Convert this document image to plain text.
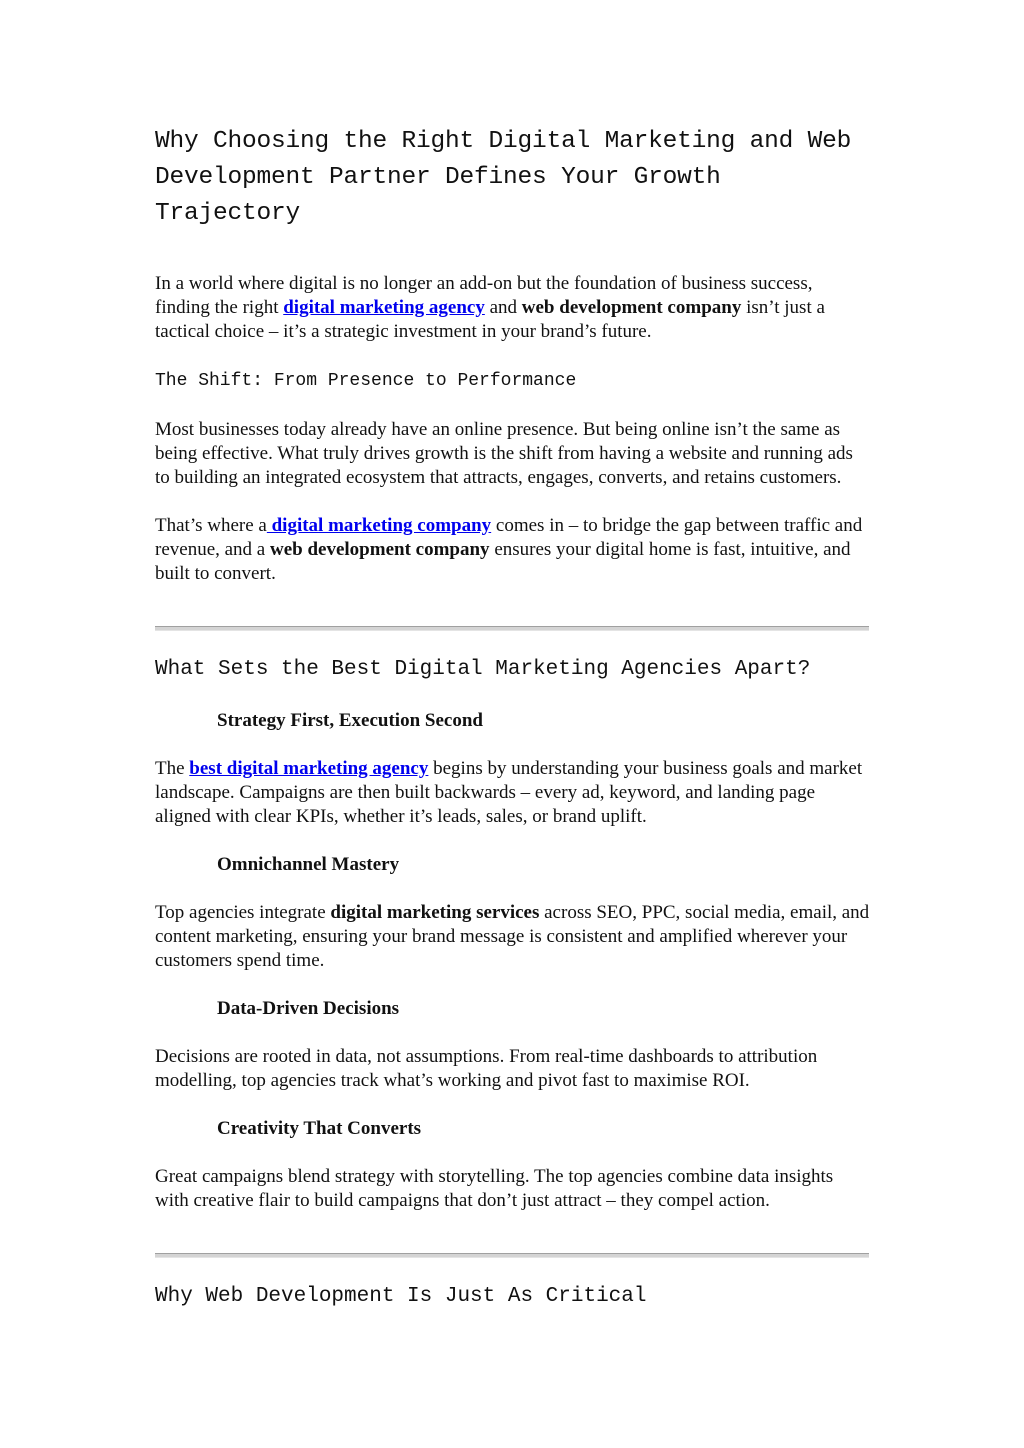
Why Choosing the Right Digital Marketing and Web
Development Partner Defines Your Growth Trajectory

In a world where digital is no longer an add-on but the foundation of business success, finding the right digital marketing agency and web development company isn’t just a tactical choice – it’s a strategic investment in your brand’s future.

The Shift: From Presence to Performance

Most businesses today already have an online presence. But being online isn’t the same as being effective. What truly drives growth is the shift from having a website and running ads to building an integrated ecosystem that attracts, engages, converts, and retains customers.

That’s where a digital marketing company comes in – to bridge the gap between traffic and revenue, and a web development company ensures your digital home is fast, intuitive, and built to convert.

What Sets the Best Digital Marketing Agencies Apart?

Strategy First, Execution Second

The best digital marketing agency begins by understanding your business goals and market landscape. Campaigns are then built backwards – every ad, keyword, and landing page aligned with clear KPIs, whether it’s leads, sales, or brand uplift.

Omnichannel Mastery

Top agencies integrate digital marketing services across SEO, PPC, social media, email, and content marketing, ensuring your brand message is consistent and amplified wherever your customers spend time.

Data-Driven Decisions

Decisions are rooted in data, not assumptions. From real-time dashboards to attribution modelling, top agencies track what’s working and pivot fast to maximise ROI.

Creativity That Converts

Great campaigns blend strategy with storytelling. The top agencies combine data insights with creative flair to build campaigns that don’t just attract – they compel action.

Why Web Development Is Just As Critical
